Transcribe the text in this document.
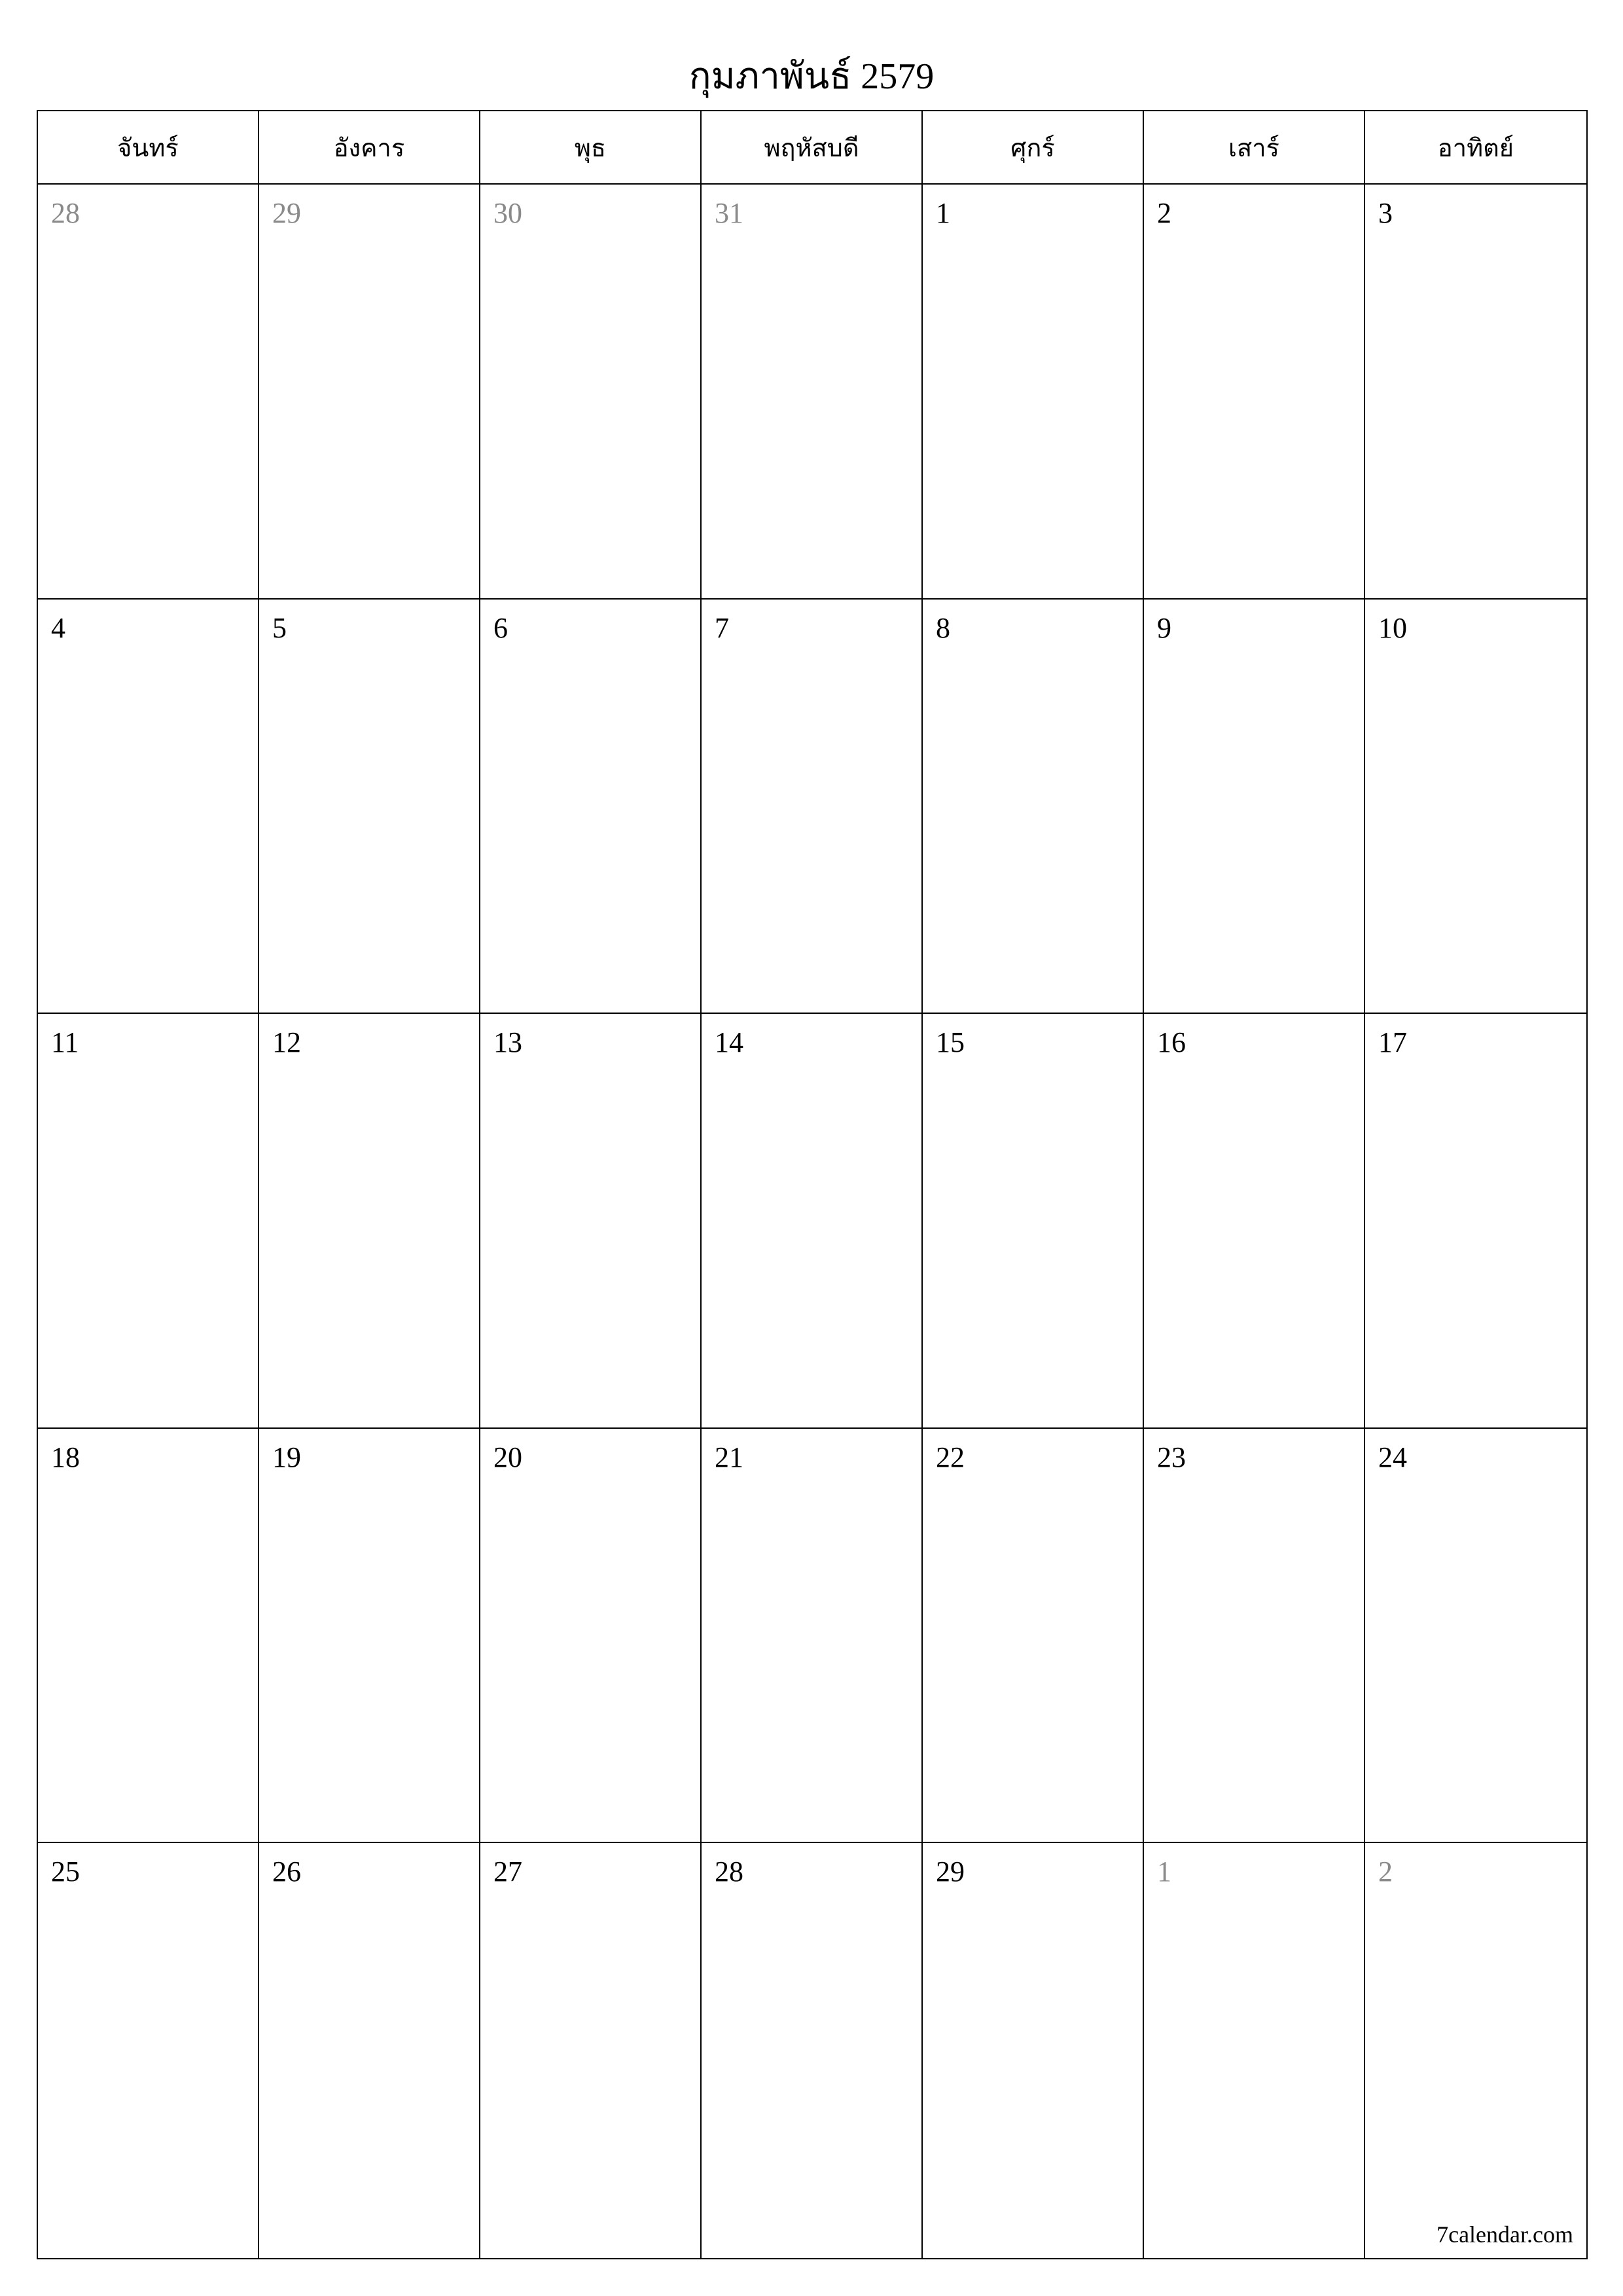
กุมภาพันธ์ 2579
จันทร์	อังคาร	พุธ	พฤหัสบดี	ศุกร์	เสาร์	อาทิตย์
28	29	30	31	1	2	3
4	5	6	7	8	9	10
11	12	13	14	15	16	17
18	19	20	21	22	23	24
25	26	27	28	29	1	2
7calendar.com
